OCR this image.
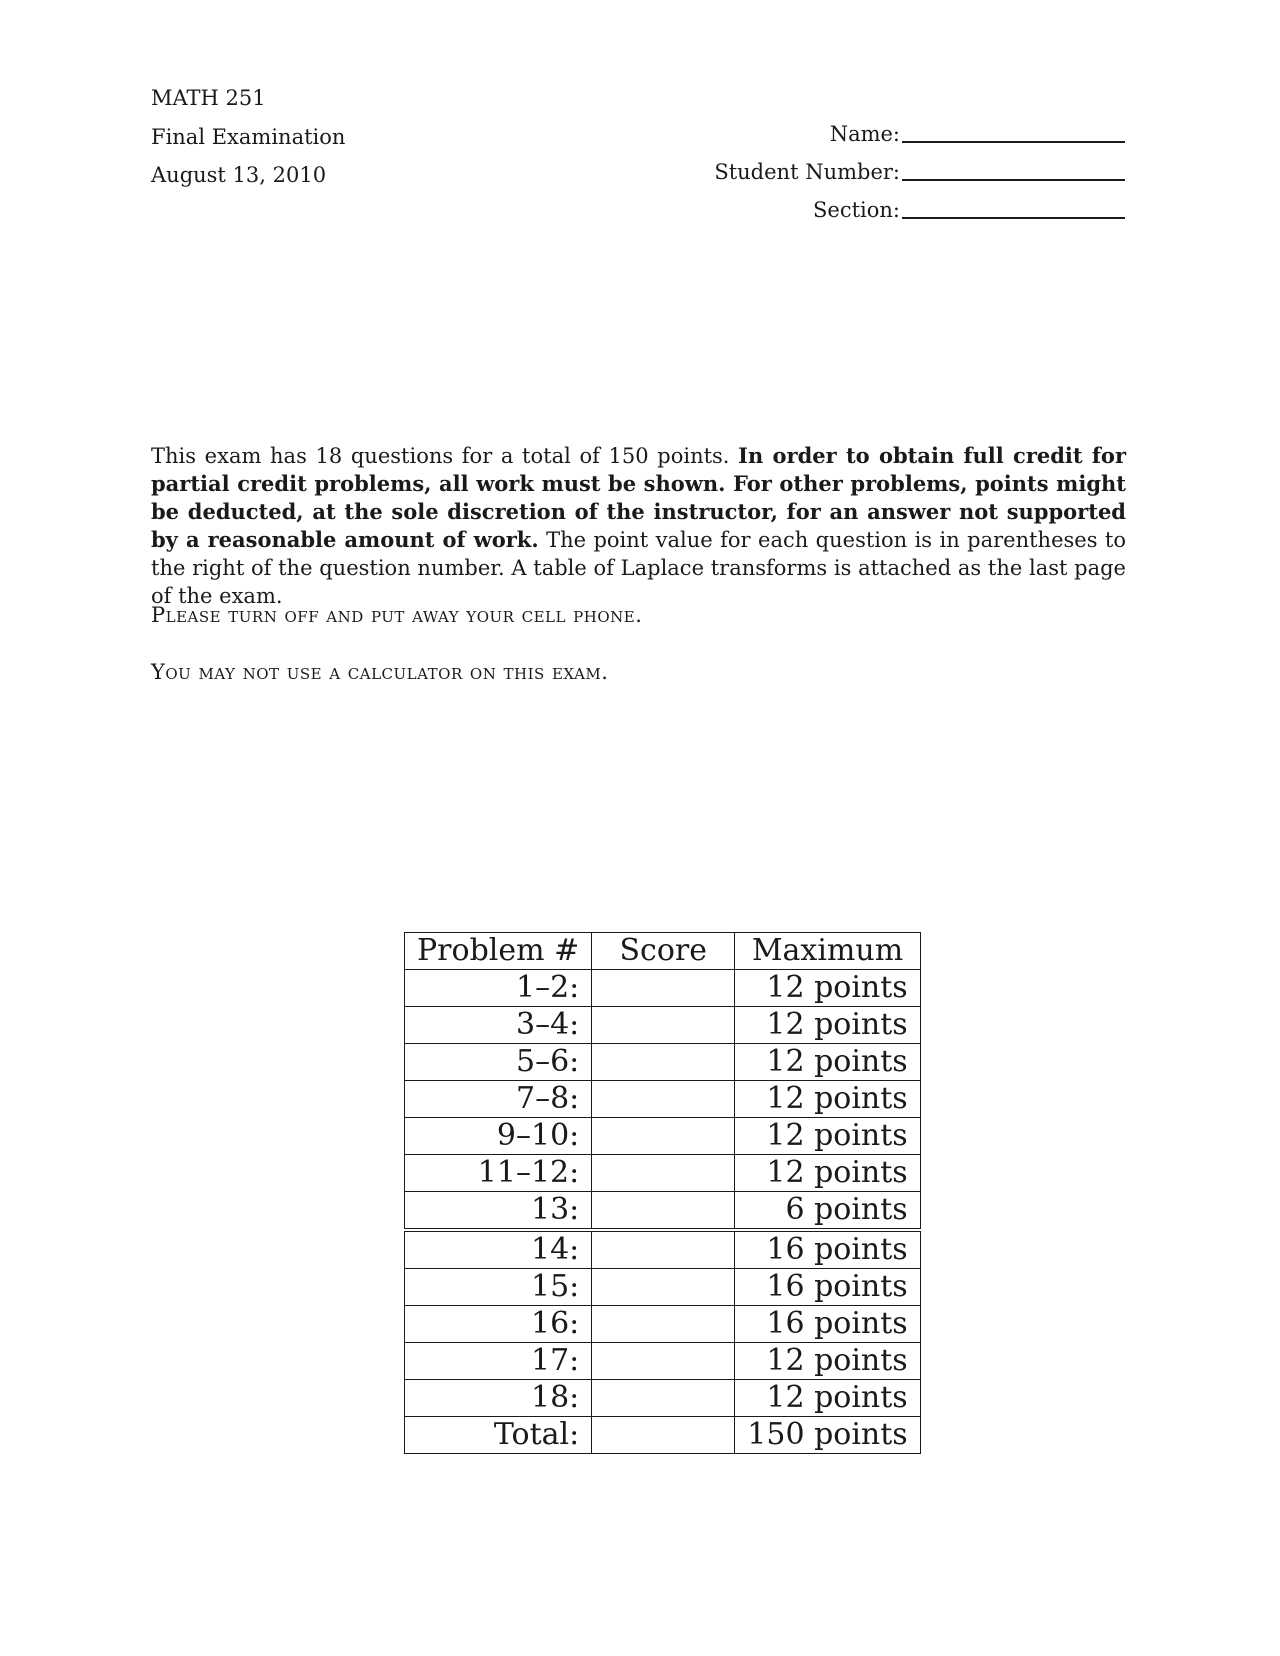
MATH 251
Final Examination
August 13, 2010
Name:
Student Number:
Section:
This exam has 18 questions for a total of 150 points. In order to obtain full credit for partial credit problems, all work must be shown. For other problems, points might be deducted, at the sole discretion of the instructor, for an answer not supported by a reasonable amount of work. The point value for each question is in parentheses to the right of the question number. A table of Laplace transforms is attached as the last page of the exam.
Please turn off and put away your cell phone.
You may not use a calculator on this exam.
Problem #	Score	Maximum
1–2:		12 points
3–4:		12 points
5–6:		12 points
7–8:		12 points
9–10:		12 points
11–12:		12 points
13:		6 points
14:		16 points
15:		16 points
16:		16 points
17:		12 points
18:		12 points
Total:		150 points
